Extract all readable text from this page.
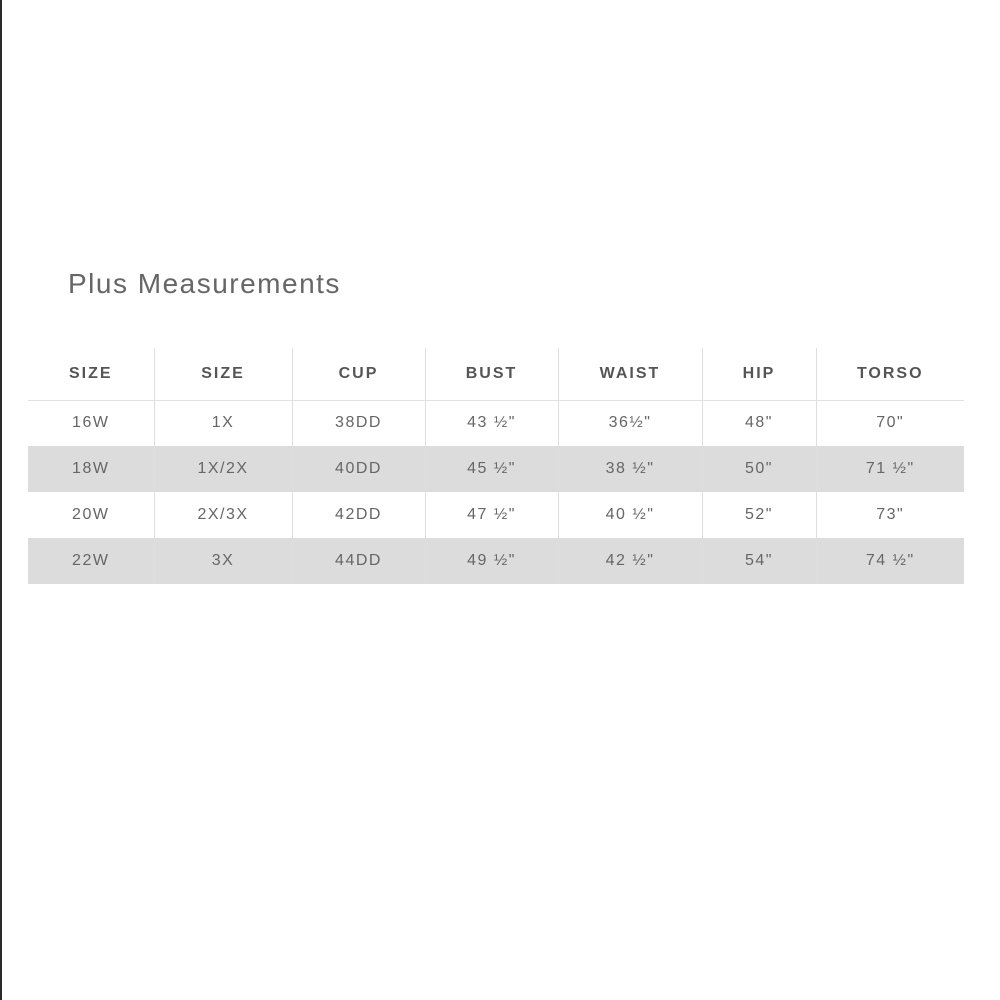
Plus Measurements
SIZE	SIZE	CUP	BUST	WAIST	HIP	TORSO
16W	1X	38DD	43 ½"	36½"	48"	70"
18W	1X/2X	40DD	45 ½"	38 ½"	50"	71 ½"
20W	2X/3X	42DD	47 ½"	40 ½"	52"	73"
22W	3X	44DD	49 ½"	42 ½"	54"	74 ½"
